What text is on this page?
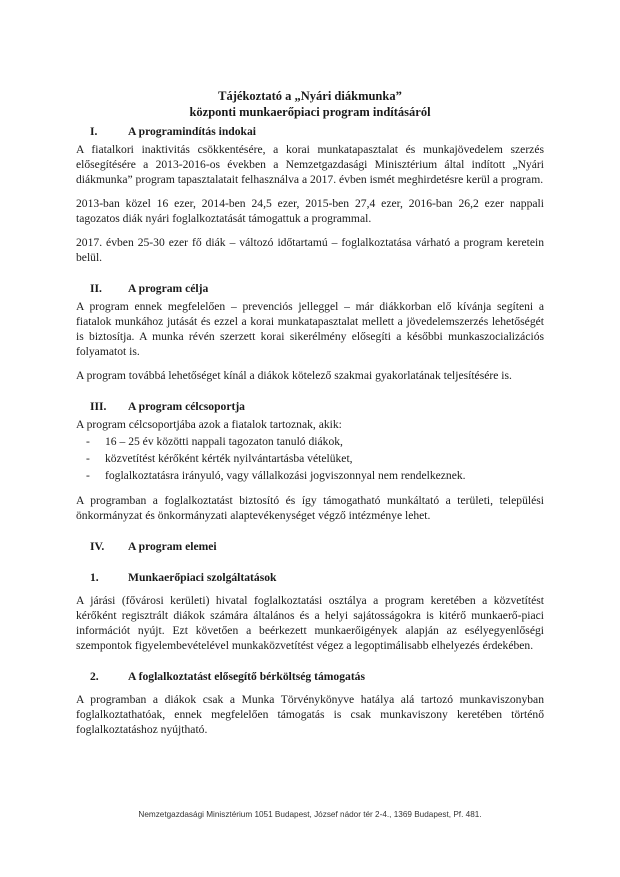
Tájékoztató a „Nyári diákmunka”
központi munkaerőpiaci program indításáról
I.	A programindítás indokai
A fiatalkori inaktivitás csökkentésére, a korai munkatapasztalat és munkajövedelem szerzés elősegítésére a 2013-2016-os években a Nemzetgazdasági Minisztérium által indított „Nyári diákmunka” program tapasztalatait felhasználva a 2017. évben ismét meghirdetésre kerül a program.
2013-ban közel 16 ezer, 2014-ben 24,5 ezer, 2015-ben 27,4 ezer, 2016-ban 26,2 ezer nappali tagozatos diák nyári foglalkoztatását támogattuk a programmal.
2017. évben 25-30 ezer fő diák – változó időtartamú – foglalkoztatása várható a program keretein belül.
II. A program célja
A program ennek megfelelően – prevenciós jelleggel – már diákkorban elő kívánja segíteni a fiatalok munkához jutását és ezzel a korai munkatapasztalat mellett a jövedelemszerzés lehetőségét is biztosítja. A munka révén szerzett korai sikerélmény elősegíti a későbbi munkaszocializációs folyamatot is.
A program továbbá lehetőséget kínál a diákok kötelező szakmai gyakorlatának teljesítésére is.
III. A program célcsoportja
A program célcsoportjába azok a fiatalok tartoznak, akik:
- 16 – 25 év közötti nappali tagozaton tanuló diákok,
- közvetítést kérőként kérték nyilvántartásba vételüket,
- foglalkoztatásra irányuló, vagy vállalkozási jogviszonnyal nem rendelkeznek.
A programban a foglalkoztatást biztosító és így támogatható munkáltató a területi, települési önkormányzat és önkormányzati alaptevékenységet végző intézménye lehet.
IV. A program elemei
1.	Munkaerőpiaci szolgáltatások
A járási (fővárosi kerületi) hivatal foglalkoztatási osztálya a program keretében a közvetítést kérőként regisztrált diákok számára általános és a helyi sajátosságokra is kitérő munkaerő-piaci információt nyújt. Ezt követően a beérkezett munkaerőigények alapján az esélyegyenlőségi szempontok figyelembevételével munkaközvetítést végez a legoptimálisabb elhelyezés érdekében.
2.	A foglalkoztatást elősegítő bérköltség támogatás
A programban a diákok csak a Munka Törvénykönyve hatálya alá tartozó munkaviszonyban foglalkoztathatóak, ennek megfelelően támogatás is csak munkaviszony keretében történő foglalkoztatáshoz nyújtható.
Nemzetgazdasági Minisztérium 1051 Budapest, József nádor tér 2-4., 1369 Budapest, Pf. 481.
